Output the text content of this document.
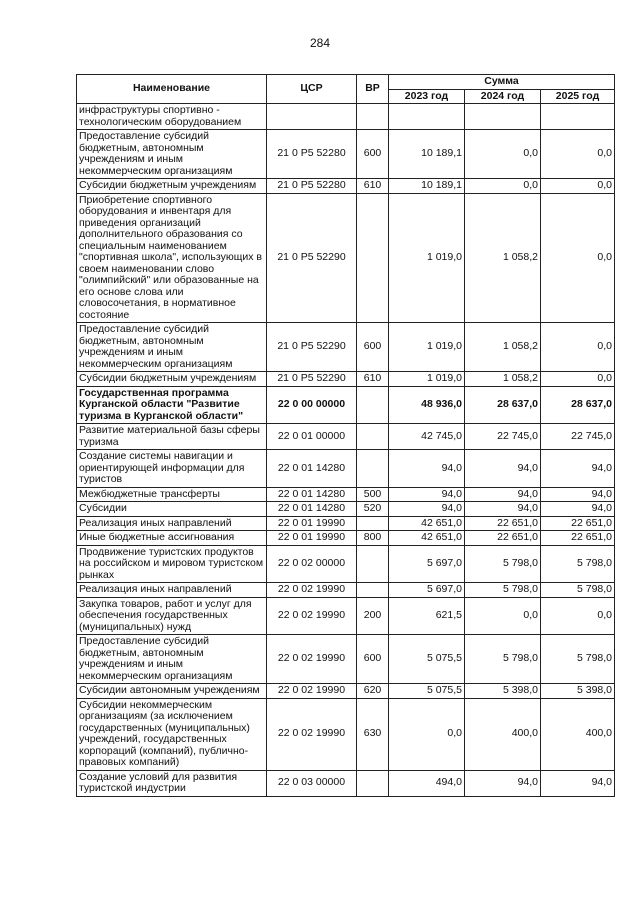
284
Наименование	ЦСР	ВР	Сумма		
			2023 год	2024 год	2025 год
инфраструктуры спортивно - технологическим оборудованием					
Предоставление субсидий бюджетным, автономным учреждениям и иным некоммерческим организациям	21 0 P5 52280	600	10 189,1	0,0	0,0
Субсидии бюджетным учреждениям	21 0 P5 52280	610	10 189,1	0,0	0,0
Приобретение спортивного оборудования и инвентаря для приведения организаций дополнительного образования со специальным наименованием "спортивная школа", использующих в своем наименовании слово "олимпийский" или образованные на его основе слова или словосочетания, в нормативное состояние	21 0 P5 52290		1 019,0	1 058,2	0,0
Предоставление субсидий бюджетным, автономным учреждениям и иным некоммерческим организациям	21 0 P5 52290	600	1 019,0	1 058,2	0,0
Субсидии бюджетным учреждениям	21 0 P5 52290	610	1 019,0	1 058,2	0,0
Государственная программа Курганской области "Развитие туризма в Курганской области"	22 0 00 00000		48 936,0	28 637,0	28 637,0
Развитие материальной базы сферы туризма	22 0 01 00000		42 745,0	22 745,0	22 745,0
Создание системы навигации и ориентирующей информации для туристов	22 0 01 14280		94,0	94,0	94,0
Межбюджетные трансферты	22 0 01 14280	500	94,0	94,0	94,0
Субсидии	22 0 01 14280	520	94,0	94,0	94,0
Реализация иных направлений	22 0 01 19990		42 651,0	22 651,0	22 651,0
Иные бюджетные ассигнования	22 0 01 19990	800	42 651,0	22 651,0	22 651,0
Продвижение туристских продуктов на российском и мировом туристском рынках	22 0 02 00000		5 697,0	5 798,0	5 798,0
Реализация иных направлений	22 0 02 19990		5 697,0	5 798,0	5 798,0
Закупка товаров, работ и услуг для обеспечения государственных (муниципальных) нужд	22 0 02 19990	200	621,5	0,0	0,0
Предоставление субсидий бюджетным, автономным учреждениям и иным некоммерческим организациям	22 0 02 19990	600	5 075,5	5 798,0	5 798,0
Субсидии автономным учреждениям	22 0 02 19990	620	5 075,5	5 398,0	5 398,0
Субсидии некоммерческим организациям (за исключением государственных (муниципальных) учреждений, государственных корпораций (компаний), публично-правовых компаний)	22 0 02 19990	630	0,0	400,0	400,0
Создание условий для развития туристской индустрии	22 0 03 00000		494,0	94,0	94,0
